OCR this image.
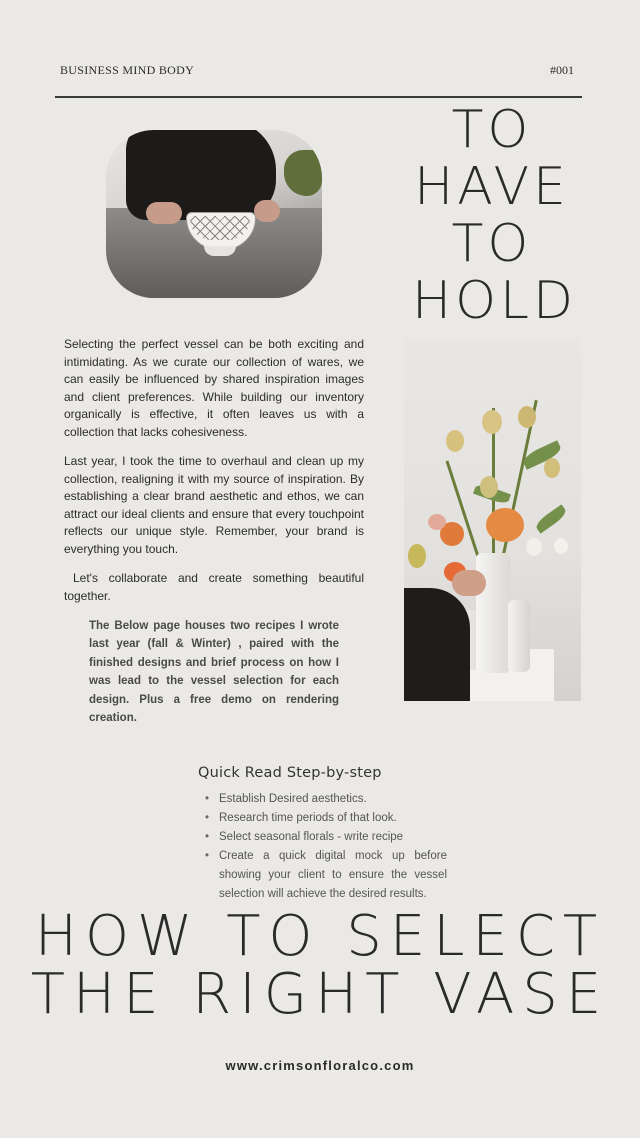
BUSINESS MIND BODY	#001
TO
HAVE
TO
HOLD
Selecting the perfect vessel can be both exciting and intimidating. As we curate our collection of wares, we can easily be influenced by shared inspiration images and client preferences. While building our inventory organically is effective, it often leaves us with a collection that lacks cohesiveness.
Last year, I took the time to overhaul and clean up my collection, realigning it with my source of inspiration. By establishing a clear brand aesthetic and ethos, we can attract our ideal clients and ensure that every touchpoint reflects our unique style. Remember, your brand is everything you touch.
Let's collaborate and create something beautiful together.
The Below page houses two recipes I wrote last year (fall & Winter) , paired with the finished designs and brief process on how I was lead to the vessel selection for each design. Plus a free demo on rendering creation.
Quick Read Step-by-step
• Establish Desired aesthetics.
• Research time periods of that look.
• Select seasonal florals - write recipe
• Create a quick digital mock up before showing your client to ensure the vessel selection will achieve the desired results.
HOW TO SELECT
THE RIGHT VASE
www.crimsonfloralco.com
